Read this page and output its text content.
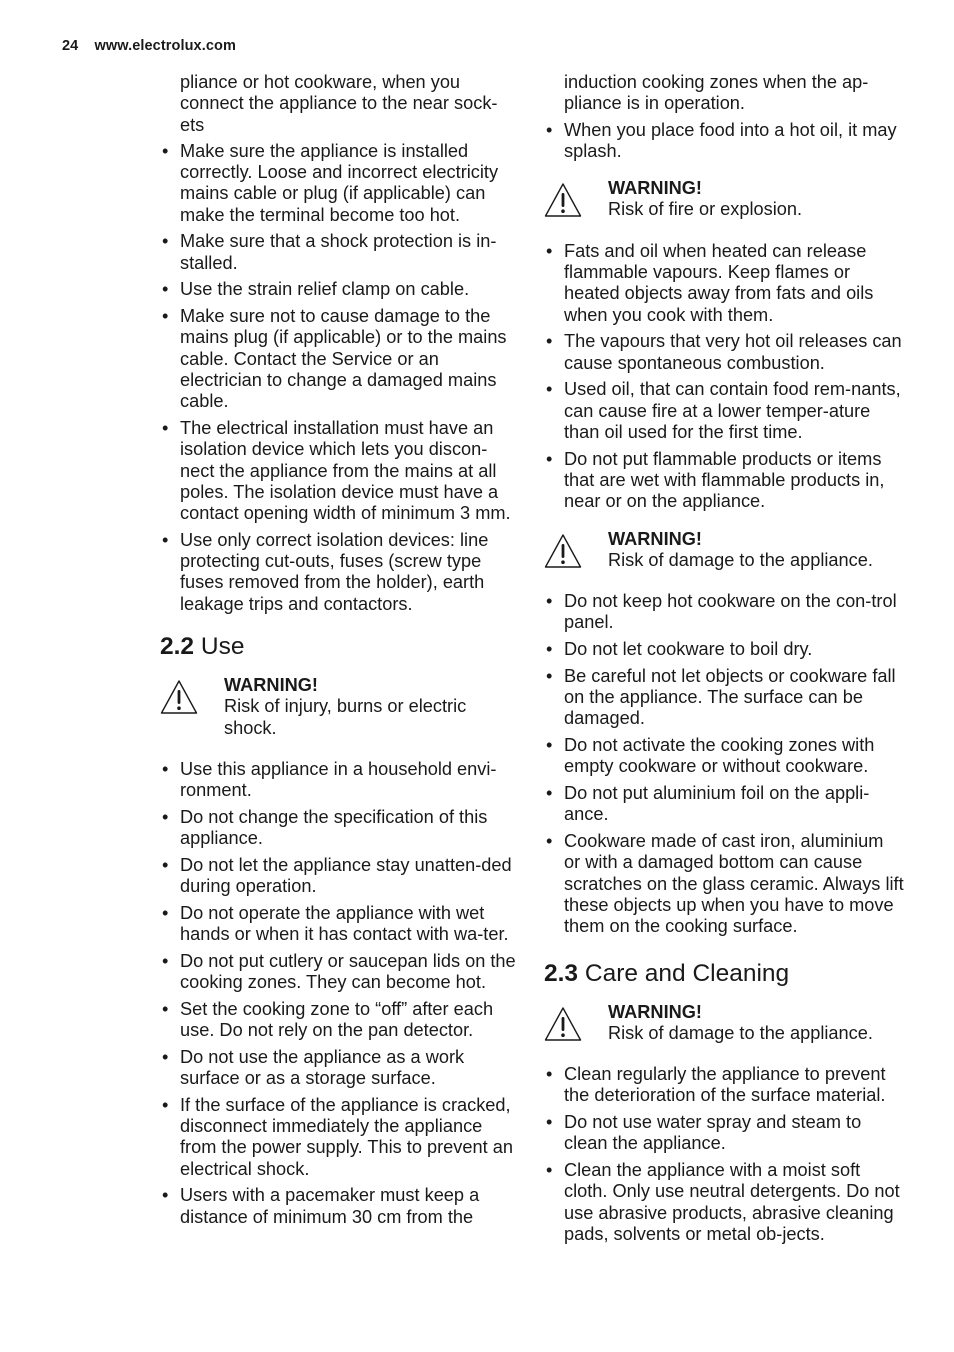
24 www.electrolux.com
pliance or hot cookware, when you connect the appliance to the near sock-ets
• Make sure the appliance is installed correctly. Loose and incorrect electricity mains cable or plug (if applicable) can make the terminal become too hot.
• Make sure that a shock protection is in-stalled.
• Use the strain relief clamp on cable.
• Make sure not to cause damage to the mains plug (if applicable) or to the mains cable. Contact the Service or an electrician to change a damaged mains cable.
• The electrical installation must have an isolation device which lets you discon-nect the appliance from the mains at all poles. The isolation device must have a contact opening width of minimum 3 mm.
• Use only correct isolation devices: line protecting cut-outs, fuses (screw type fuses removed from the holder), earth leakage trips and contactors.
2.2 Use
WARNING!
Risk of injury, burns or electric shock.
• Use this appliance in a household envi-ronment.
• Do not change the specification of this appliance.
• Do not let the appliance stay unatten-ded during operation.
• Do not operate the appliance with wet hands or when it has contact with wa-ter.
• Do not put cutlery or saucepan lids on the cooking zones. They can become hot.
• Set the cooking zone to “off” after each use. Do not rely on the pan detector.
• Do not use the appliance as a work surface or as a storage surface.
• If the surface of the appliance is cracked, disconnect immediately the appliance from the power supply. This to prevent an electrical shock.
• Users with a pacemaker must keep a distance of minimum 30 cm from the
induction cooking zones when the ap-pliance is in operation.
• When you place food into a hot oil, it may splash.
WARNING!
Risk of fire or explosion.
• Fats and oil when heated can release flammable vapours. Keep flames or heated objects away from fats and oils when you cook with them.
• The vapours that very hot oil releases can cause spontaneous combustion.
• Used oil, that can contain food rem-nants, can cause fire at a lower temper-ature than oil used for the first time.
• Do not put flammable products or items that are wet with flammable products in, near or on the appliance.
WARNING!
Risk of damage to the appliance.
• Do not keep hot cookware on the con-trol panel.
• Do not let cookware to boil dry.
• Be careful not let objects or cookware fall on the appliance. The surface can be damaged.
• Do not activate the cooking zones with empty cookware or without cookware.
• Do not put aluminium foil on the appli-ance.
• Cookware made of cast iron, aluminium or with a damaged bottom can cause scratches on the glass ceramic. Always lift these objects up when you have to move them on the cooking surface.
2.3 Care and Cleaning
WARNING!
Risk of damage to the appliance.
• Clean regularly the appliance to prevent the deterioration of the surface material.
• Do not use water spray and steam to clean the appliance.
• Clean the appliance with a moist soft cloth. Only use neutral detergents. Do not use abrasive products, abrasive cleaning pads, solvents or metal ob-jects.
